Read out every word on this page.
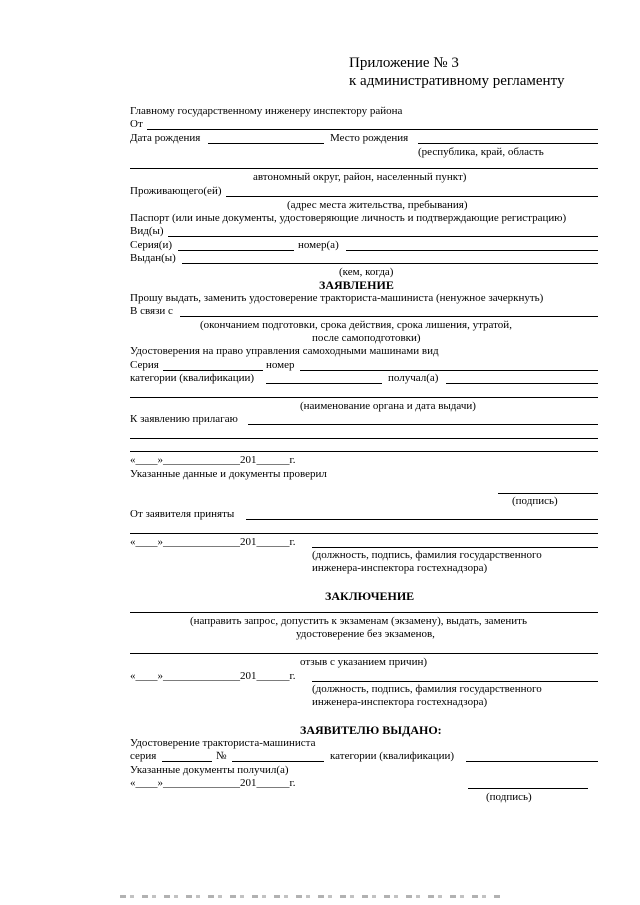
Приложение № 3
к административному регламенту
Главному государственному инженеру инспектору района
От
Дата рождения	Место рождения
(республика, край, область
автономный округ, район, населенный пункт)
Проживающего(ей)
(адрес места жительства, пребывания)
Паспорт (или иные документы, удостоверяющие личность и подтверждающие регистрацию)
Вид(ы)
Серия(и)	номер(а)
Выдан(ы)
(кем, когда)
ЗАЯВЛЕНИЕ
Прошу выдать, заменить удостоверение тракториста-машиниста (ненужное зачеркнуть)
В связи с
(окончанием подготовки, срока действия, срока лишения, утратой,
после самоподготовки)
Удостоверения на право управления самоходными машинами вид
Серия	номер
категории (квалификации)	получал(а)
(наименование органа и дата выдачи)
К заявлению прилагаю
«____»______________201______г.
Указанные данные и документы проверил
(подпись)
От заявителя приняты
«____»______________201______г.
(должность, подпись, фамилия государственного
инженера-инспектора гостехнадзора)
ЗАКЛЮЧЕНИЕ
(направить запрос, допустить к экзаменам (экзамену), выдать, заменить
удостоверение без экзаменов,
отзыв с указанием причин)
«____»______________201______г.
(должность, подпись, фамилия государственного
инженера-инспектора гостехнадзора)
ЗАЯВИТЕЛЮ ВЫДАНО:
Удостоверение тракториста-машиниста
серия	№	категории (квалификации)
Указанные документы получил(а)
«____»______________201______г.
(подпись)
